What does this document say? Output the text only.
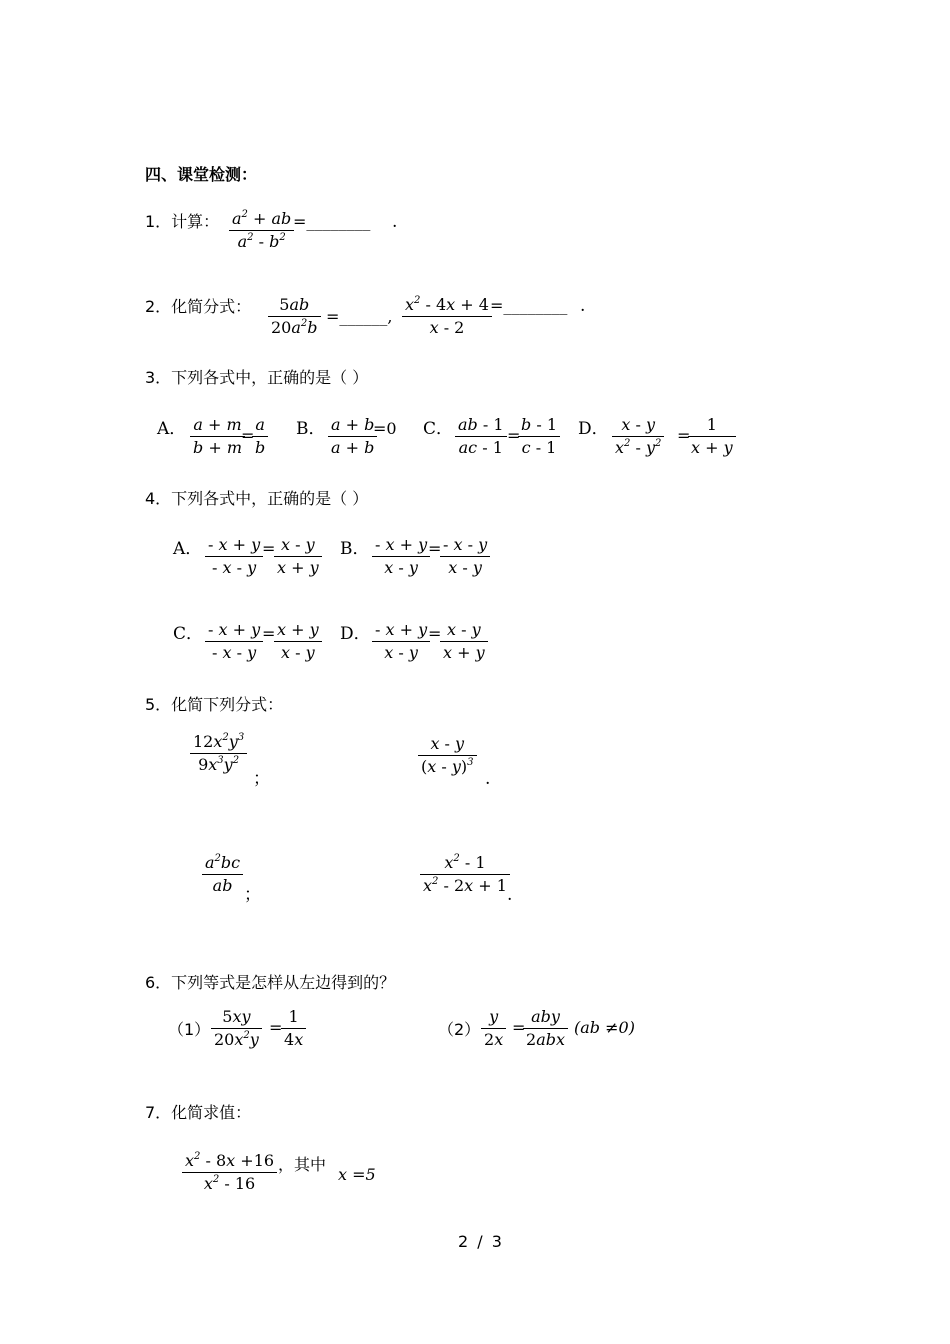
四、课堂检测：
1．计算： $\frac{a^2 + ab}{a^2 - b^2}$
=________ .
2．化简分式： $\frac{5ab}{20a^2b}$ =______, $\frac{x^2 - 4x + 4}{x - 2}$
=________ .
3．下列各式中，正确的是（ ）
A． $\frac{a + m}{b + m}$
=
$\frac{a}{b}$ B． $\frac{a + b}{a + b}$
=0 C． $\frac{ab - 1}{ac - 1}$ =
$\frac{b - 1}{c - 1}$ D． $\frac{x - y}{x^2 - y^2}$ =
$\frac{1}{x + y}$
4．下列各式中，正确的是（ ）
A． $\frac{- x + y}{- x - y}$
=
$\frac{x - y}{x + y}$ B． $\frac{- x + y}{x - y}$
=
$\frac{- x - y}{x - y}$
C． $\frac{- x + y}{- x - y}$
=
$\frac{x + y}{x - y}$ D． $\frac{- x + y}{x - y}$
=
$\frac{x - y}{x + y}$
5．化简下列分式：
$\frac{12x^2y^3}{9x^3y^2}$
；
$\frac{x - y}{(x - y)^3}$
.
$\frac{a^2bc}{ab}$ ；	$\frac{x^2 - 1}{x^2 - 2x + 1}$
.
6．下列等式是怎样从左边得到的？
$(1) \frac{5xy}{20x^2y}$ =
$\frac{1}{4x}$	$(2) \frac{y}{2x}$ =
aby
2abx
(ab ≠0)
7．化简求值：
$\frac{x^2 - 8x +16}{x^2 - 16}$ ，其中
x =5
2 / 3
